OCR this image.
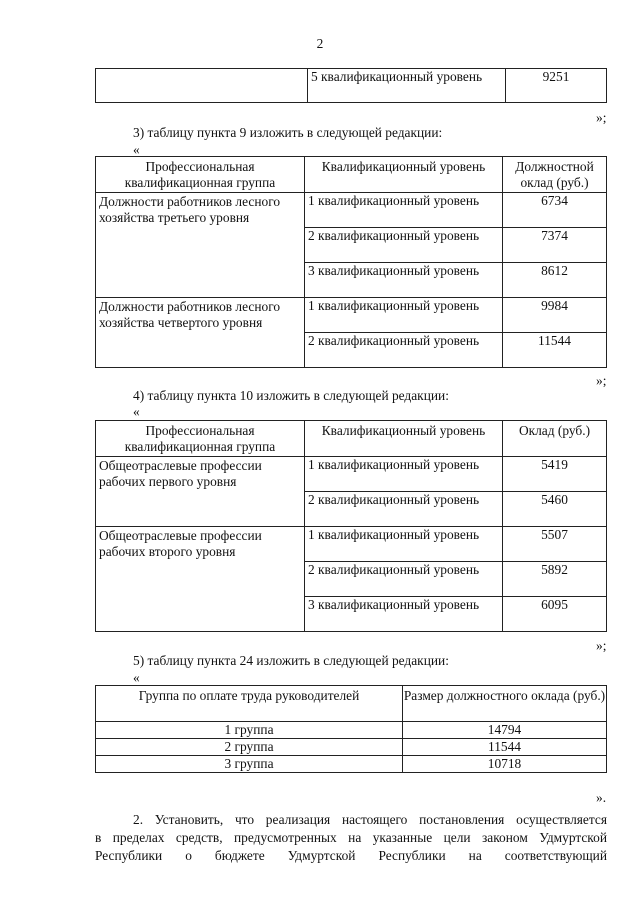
2
	5 квалификационный уровень	9251
»;
3) таблицу пункта 9 изложить в следующей редакции:
«
Профессиональная квалификационная группа	Квалификационный уровень	Должностной оклад (руб.)
Должности работников лесного хозяйства третьего уровня	1 квалификационный уровень	6734
	2 квалификационный уровень	7374
	3 квалификационный уровень	8612
Должности работников лесного хозяйства четвертого уровня	1 квалификационный уровень	9984
	2 квалификационный уровень	11544
»;
4) таблицу пункта 10 изложить в следующей редакции:
«
Профессиональная квалификационная группа	Квалификационный уровень	Оклад (руб.)
Общеотраслевые профессии рабочих первого уровня	1 квалификационный уровень	5419
	2 квалификационный уровень	5460
Общеотраслевые профессии рабочих второго уровня	1 квалификационный уровень	5507
	2 квалификационный уровень	5892
	3 квалификационный уровень	6095
»;
5) таблицу пункта 24 изложить в следующей редакции:
«
Группа по оплате труда руководителей	Размер должностного оклада (руб.)
1 группа	14794
2 группа	11544
3 группа	10718
».
2. Установить, что реализация настоящего постановления осуществляется
в пределах средств, предусмотренных на указанные цели законом Удмуртской
Республики о бюджете Удмуртской Республики на соответствующий
